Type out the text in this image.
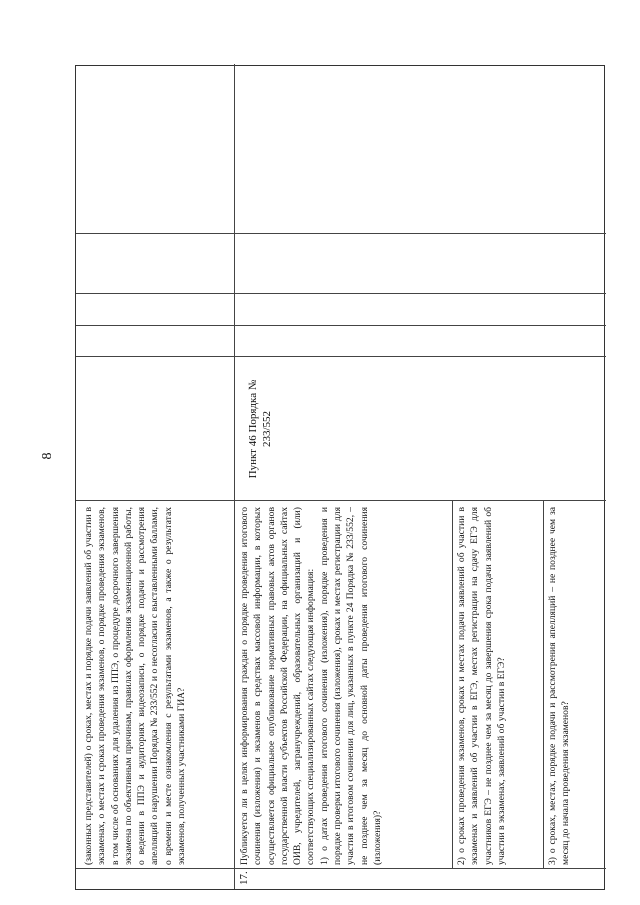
8
(законных представителей) о сроках, местах и порядке подачи заявлений об участии в экзаменах, о местах и сроках проведения экзаменов, о порядке проведения экзаменов, в том числе об основаниях для удаления из ППЭ, о процедуре досрочного завершения экзамена по объективным причинам, правилах оформления экзаменационной работы, о ведении в ППЭ и аудиториях видеозаписи, о порядке подачи и рассмотрения апелляций о нарушении Порядка № 233/552 и о несогласии с выставленными баллами, о времени и месте ознакомления с результатами экзаменов, а также о результатах экзаменов, полученных участниками ГИА?
17.
Публикуется ли в целях информирования граждан о порядке проведения итогового сочинения (изложения) и экзаменов в средствах массовой информации, в которых осуществляется официальное опубликование нормативных правовых актов органов государственной власти субъектов Российской Федерации, на официальных сайтах ОИВ, учредителей, загранучреждений, образовательных организаций и (или) соответствующих специализированных сайтах следующая информация: 1) о датах проведения итогового сочинения (изложения), порядке проведения и порядке проверки итогового сочинения (изложения), сроках и местах регистрации для участия в итоговом сочинении для лиц, указанных в пункте 24 Порядка № 233/552, – не позднее чем за месяц до основной даты проведения итогового сочинения (изложения)?	2) о сроках проведения экзаменов, сроках и местах подачи заявлений об участии в экзаменах и заявлений об участии в ЕГЭ, местах регистрации на сдачу ЕГЭ для участников ЕГЭ – не позднее чем за месяц до завершения срока подачи заявлений об участии в экзаменах, заявлений об участии в ЕГЭ?	3) о сроках, местах, порядке подачи и рассмотрения апелляций – не позднее чем за месяц до начала проведения экзаменов?
Пункт 46 Порядка № 233/552
